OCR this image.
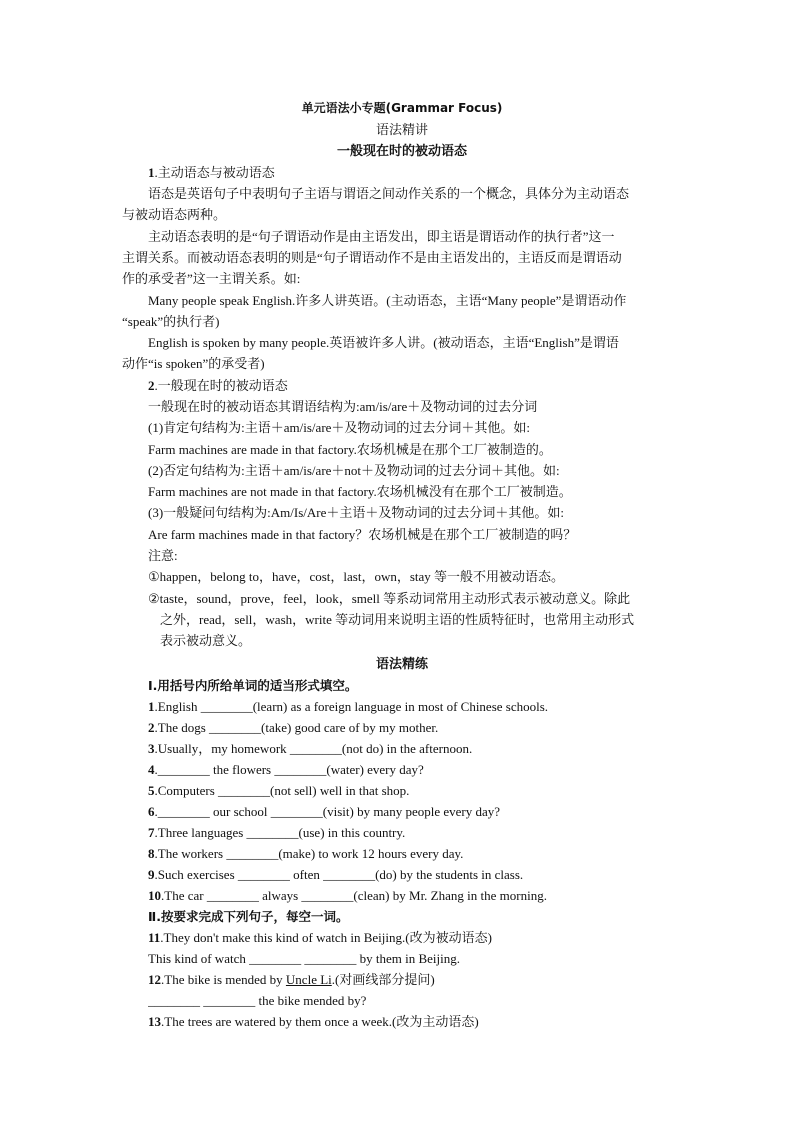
单元语法小专题(Grammar Focus)
语法精讲
一般现在时的被动语态
1.主动语态与被动语态
语态是英语句子中表明句子主语与谓语之间动作关系的一个概念，具体分为主动语态
与被动语态两种。
主动语态表明的是“句子谓语动作是由主语发出，即主语是谓语动作的执行者”这一
主谓关系。而被动语态表明的则是“句子谓语动作不是由主语发出的，主语反而是谓语动
作的承受者”这一主谓关系。如:
Many people speak English.许多人讲英语。(主动语态，主语“Many people”是谓语动作
“speak”的执行者)
English is spoken by many people.英语被许多人讲。(被动语态，主语“English”是谓语
动作“is spoken”的承受者)
2.一般现在时的被动语态
一般现在时的被动语态其谓语结构为:am/is/are＋及物动词的过去分词
(1)肯定句结构为:主语＋am/is/are＋及物动词的过去分词＋其他。如:
Farm machines are made in that factory.农场机械是在那个工厂被制造的。
(2)否定句结构为:主语＋am/is/are＋not＋及物动词的过去分词＋其他。如:
Farm machines are not made in that factory.农场机械没有在那个工厂被制造。
(3)一般疑问句结构为:Am/Is/Are＋主语＋及物动词的过去分词＋其他。如:
Are farm machines made in that factory？农场机械是在那个工厂被制造的吗？
注意:
①happen，belong to，have，cost，last，own，stay 等一般不用被动语态。
②taste，sound，prove，feel，look，smell 等系动词常用主动形式表示被动意义。除此
之外，read，sell，wash，write 等动词用来说明主语的性质特征时，也常用主动形式
表示被动意义。
语法精练
Ⅰ.用括号内所给单词的适当形式填空。
1.English ________(learn) as a foreign language in most of Chinese schools.
2.The dogs ________(take) good care of by my mother.
3.Usually，my homework ________(not do) in the afternoon.
4.________ the flowers ________(water) every day?
5.Computers ________(not sell) well in that shop.
6.________ our school ________(visit) by many people every day?
7.Three languages ________(use) in this country.
8.The workers ________(make) to work 12 hours every day.
9.Such exercises ________ often ________(do) by the students in class.
10.The car ________ always ________(clean) by Mr. Zhang in the morning.
Ⅱ.按要求完成下列句子，每空一词。
11.They don't make this kind of watch in Beijing.(改为被动语态)
This kind of watch ________ ________ by them in Beijing.
12.The bike is mended by Uncle Li.(对画线部分提问)
________ ________ the bike mended by?
13.The trees are watered by them once a week.(改为主动语态)
